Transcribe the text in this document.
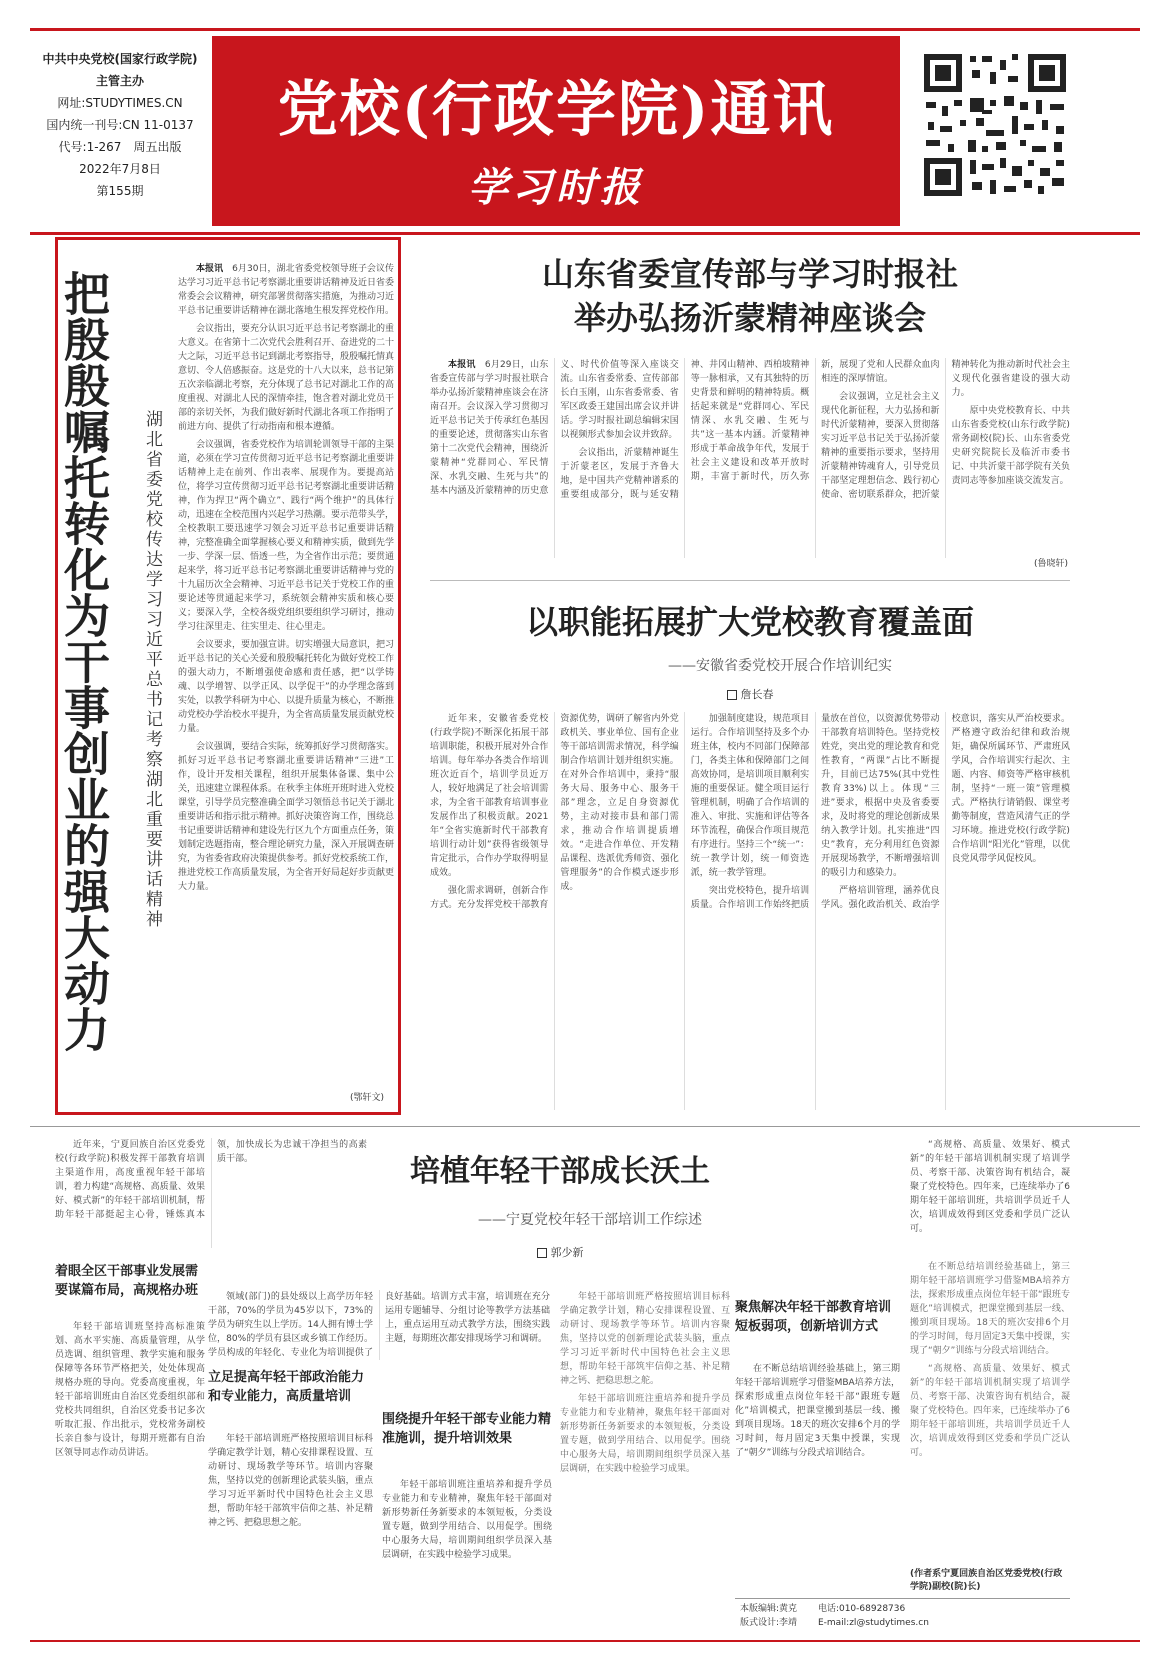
中共中央党校(国家行政学院)
主管主办
网址:STUDYTIMES.CN
国内统一刊号:CN 11-0137
代号:1-267　周五出版
2022年7月8日
第155期
党校(行政学院)通讯
学习时报
把殷殷嘱托转化为干事创业的强大动力 湖北省委党校传达学习习近平总书记考察湖北重要讲话精神

本报讯　 6月30日，湖北省委党校领导班子会议传达学习习近平总书记考察湖北重要讲话精神及近日省委常委会会议精神，研究部署贯彻落实措施，为推动习近平总书记重要讲话精神在湖北落地生根发挥党校作用。

会议指出，要充分认识习近平总书记考察湖北的重大意义。在省第十二次党代会胜利召开、奋进党的二十大之际，习近平总书记到湖北考察指导，殷殷嘱托情真意切、令人倍感振奋。这是党的十八大以来，总书记第五次亲临湖北考察，充分体现了总书记对湖北工作的高度重视、对湖北人民的深情牵挂，饱含着对湖北党员干部的亲切关怀，为我们做好新时代湖北各项工作指明了前进方向、提供了行动指南和根本遵循。

会议强调，省委党校作为培训轮训领导干部的主渠道，必须在学习宣传贯彻习近平总书记考察湖北重要讲话精神上走在前列、作出表率、展现作为。要提高站位，将学习宣传贯彻习近平总书记考察湖北重要讲话精神，作为捍卫“两个确立”、践行“两个维护”的具体行动，迅速在全校范围内兴起学习热潮。要示范带头学，全校教职工要迅速学习领会习近平总书记重要讲话精神，完整准确全面掌握核心要义和精神实质，做到先学一步、学深一层、悟透一些，为全省作出示范；要贯通起来学，将习近平总书记考察湖北重要讲话精神与党的十九届历次全会精神、习近平总书记关于党校工作的重要论述等贯通起来学习，系统领会精神实质和核心要义；要深入学，全校各级党组织要组织学习研讨，推动学习往深里走、往实里走、往心里走。

会议要求，要加强宣讲。切实增强大局意识，把习近平总书记的关心关爱和殷殷嘱托转化为做好党校工作的强大动力，不断增强使命感和责任感，把“以学铸魂、以学增智、以学正风、以学促干”的办学理念落到实处，以教学科研为中心、以提升质量为核心，不断推动党校办学治校水平提升，为全省高质量发展贡献党校力量。

会议强调，要结合实际，统筹抓好学习贯彻落实。抓好习近平总书记考察湖北重要讲话精神“三进”工作，设计开发相关课程，组织开展集体备课、集中公关，迅速建立课程体系。在秋季主体班开班时进入党校课堂，引导学员完整准确全面学习领悟总书记关于湖北重要讲话和指示批示精神。抓好决策咨询工作，围绕总书记重要讲话精神和建设先行区九个方面重点任务，策划制定选题指南，整合理论研究力量，深入开展调查研究，为省委省政府决策提供参考。抓好党校系统工作，推进党校工作高质量发展，为全省开好局起好步贡献更大力量。

(鄂轩文)
山东省委宣传部与学习时报社
举办弘扬沂蒙精神座谈会

本报讯　 6月29日，山东省委宣传部与学习时报社联合举办弘扬沂蒙精神座谈会在济南召开。会议深入学习贯彻习近平总书记关于传承红色基因的重要论述，贯彻落实山东省第十二次党代会精神，围绕沂蒙精神“党群同心、军民情深、水乳交融、生死与共”的基本内涵及沂蒙精神的历史意义、时代价值等深入座谈交流。山东省委常委、宣传部部长白玉刚，山东省委常委、省军区政委王建国出席会议并讲话。学习时报社副总编辑宋国以视频形式参加会议并致辞。

会议指出，沂蒙精神诞生于沂蒙老区，发展于齐鲁大地，是中国共产党精神谱系的重要组成部分，既与延安精神、井冈山精神、西柏坡精神等一脉相承，又有其独特的历史背景和鲜明的精神特质。概括起来就是“党群同心、军民情深、水乳交融、生死与共”这一基本内涵。沂蒙精神形成于革命战争年代，发展于社会主义建设和改革开放时期，丰富于新时代，历久弥新，展现了党和人民群众血肉相连的深厚情谊。

会议强调，立足社会主义现代化新征程，大力弘扬和新时代沂蒙精神，要深入贯彻落实习近平总书记关于弘扬沂蒙精神的重要指示要求，坚持用沂蒙精神铸魂育人，引导党员干部坚定理想信念、践行初心使命、密切联系群众，把沂蒙精神转化为推动新时代社会主义现代化强省建设的强大动力。

原中央党校教育长、中共山东省委党校(山东行政学院)常务副校(院)长、山东省委党史研究院院长及临沂市委书记、中共沂蒙干部学院有关负责同志等参加座谈交流发言。

(鲁晓轩)
以职能拓展扩大党校教育覆盖面
——安徽省委党校开展合作培训纪实
詹长春

近年来，安徽省委党校(行政学院)不断深化拓展干部培训职能，积极开展对外合作培训。每年举办各类合作培训班次近百个，培训学员近万人，较好地满足了社会培训需求，为全省干部教育培训事业发展作出了积极贡献。2021年“全省实施新时代干部教育培训行动计划”获得省级领导肯定批示，合作办学取得明显成效。

强化需求调研，创新合作方式。充分发挥党校干部教育资源优势，调研了解省内外党政机关、事业单位、国有企业等干部培训需求情况，科学编制合作培训计划并组织实施。在对外合作培训中，秉持“服务大局、服务中心、服务干部”理念，立足自身资源优势，主动对接市县和部门需求，推动合作培训提质增效。“走进合作单位、开发精品课程、选派优秀师资、强化管理服务”的合作模式逐步形成。

加强制度建设，规范项目运行。合作培训坚持及多个办班主体，校内不同部门保障部门，各类主体和保障部门之间高效协同，是培训项目顺利实施的重要保证。健全项目运行管理机制，明确了合作培训的准入、审批、实施和评估等各环节流程，确保合作项目规范有序进行。坚持三个“统一”：统一教学计划，统一师资选派，统一教学管理。

突出党校特色，提升培训质量。合作培训工作始终把质量放在首位，以资源优势带动干部教育培训特色。坚持党校姓党，突出党的理论教育和党性教育，“两课”占比不断提升，目前已达75%(其中党性教育33%)以上。体现“三进”要求，根据中央及省委要求，及时将党的理论创新成果纳入教学计划。扎实推进“四史”教育，充分利用红色资源开展现场教学，不断增强培训的吸引力和感染力。

严格培训管理，涵养优良学风。强化政治机关、政治学校意识，落实从严治校要求。严格遵守政治纪律和政治规矩，确保所属环节、严肃班风学风，合作培训实行起次、主题、内容、师资等严格审核机制，坚持“一班一策”管理模式。严格执行请销假、课堂考勤等制度，营造风清气正的学习环境。推进党校(行政学院)合作培训“阳光化”管理，以优良党风带学风促校风。

近年来，宁夏回族自治区党委党校(行政学院)积极发挥干部教育培训主渠道作用，高度重视年轻干部培训，着力构建“高规格、高质量、效果好、模式新”的年轻干部培训机制，帮助年轻干部挺起主心骨，锤炼真本领，加快成长为忠诚干净担当的高素质干部。	培植年轻干部成长沃土
——宁夏党校年轻干部培训工作综述
郭少新

“高规格、高质量、效果好、模式新”的年轻干部培训机制实现了培训学员、考察干部、决策咨询有机结合，凝聚了党校特色。四年来，已连续举办了6期年轻干部培训班，共培训学员近千人次，培训成效得到区党委和学员广泛认可。

着眼全区干部事业发展需要谋篇布局，高规格办班

年轻干部培训班坚持高标准策划、高水平实施、高质量管理，从学员选调、组织管理、教学实施和服务保障等各环节严格把关，处处体现高规格办班的导向。党委高度重视，年轻干部培训班由自治区党委组织部和党校共同组织，自治区党委书记多次听取汇报、作出批示，党校常务副校长亲自参与设计，每期开班都有自治区领导同志作动员讲话。

领域(部门)的县处级以上高学历年轻干部，70%的学员为45岁以下，73%的学员为研究生以上学历。14人拥有博士学位，80%的学员有县区或乡镇工作经历。学员构成的年轻化、专业化为培训提供了良好基础。培训方式丰富，培训班在充分运用专题辅导、分组讨论等教学方法基础上，重点运用互动式教学方法，围绕实践主题，每期班次都安排现场学习和调研。

立足提高年轻干部政治能力和专业能力，高质量培训

年轻干部培训班严格按照培训目标科学确定教学计划，精心安排课程设置、互动研讨、现场教学等环节。培训内容聚焦，坚持以党的创新理论武装头脑，重点学习习近平新时代中国特色社会主义思想，帮助年轻干部筑牢信仰之基、补足精神之钙、把稳思想之舵。

围绕提升年轻干部专业能力精准施训，提升培训效果

年轻干部培训班注重培养和提升学员专业能力和专业精神，聚焦年轻干部面对新形势新任务新要求的本领短板，分类设置专题，做到学用结合、以用促学。围绕中心服务大局，培训期间组织学员深入基层调研，在实践中检验学习成果。

年轻干部培训班严格按照培训目标科学确定教学计划，精心安排课程设置、互动研讨、现场教学等环节。培训内容聚焦，坚持以党的创新理论武装头脑，重点学习习近平新时代中国特色社会主义思想，帮助年轻干部筑牢信仰之基、补足精神之钙、把稳思想之舵。

年轻干部培训班注重培养和提升学员专业能力和专业精神，聚焦年轻干部面对新形势新任务新要求的本领短板，分类设置专题，做到学用结合、以用促学。围绕中心服务大局，培训期间组织学员深入基层调研，在实践中检验学习成果。

聚焦解决年轻干部教育培训短板弱项，创新培训方式

在不断总结培训经验基础上，第三期年轻干部培训班学习借鉴MBA培养方法，探索形成重点岗位年轻干部“跟班专题化”培训模式，把课堂搬到基层一线、搬到项目现场。18天的班次安排6个月的学习时间，每月固定3天集中授课，实现了“朝夕”训练与分段式培训结合。

在不断总结培训经验基础上，第三期年轻干部培训班学习借鉴MBA培养方法，探索形成重点岗位年轻干部“跟班专题化”培训模式，把课堂搬到基层一线、搬到项目现场。18天的班次安排6个月的学习时间，每月固定3天集中授课，实现了“朝夕”训练与分段式培训结合。

“高规格、高质量、效果好、模式新”的年轻干部培训机制实现了培训学员、考察干部、决策咨询有机结合，凝聚了党校特色。四年来，已连续举办了6期年轻干部培训班，共培训学员近千人次，培训成效得到区党委和学员广泛认可。

(作者系宁夏回族自治区党委党校(行政学院)副校(院)长)
本版编辑:黄克 　　 电话:010-68928736
版式设计:李靖 　　 E-mail:zl@studytimes.cn
